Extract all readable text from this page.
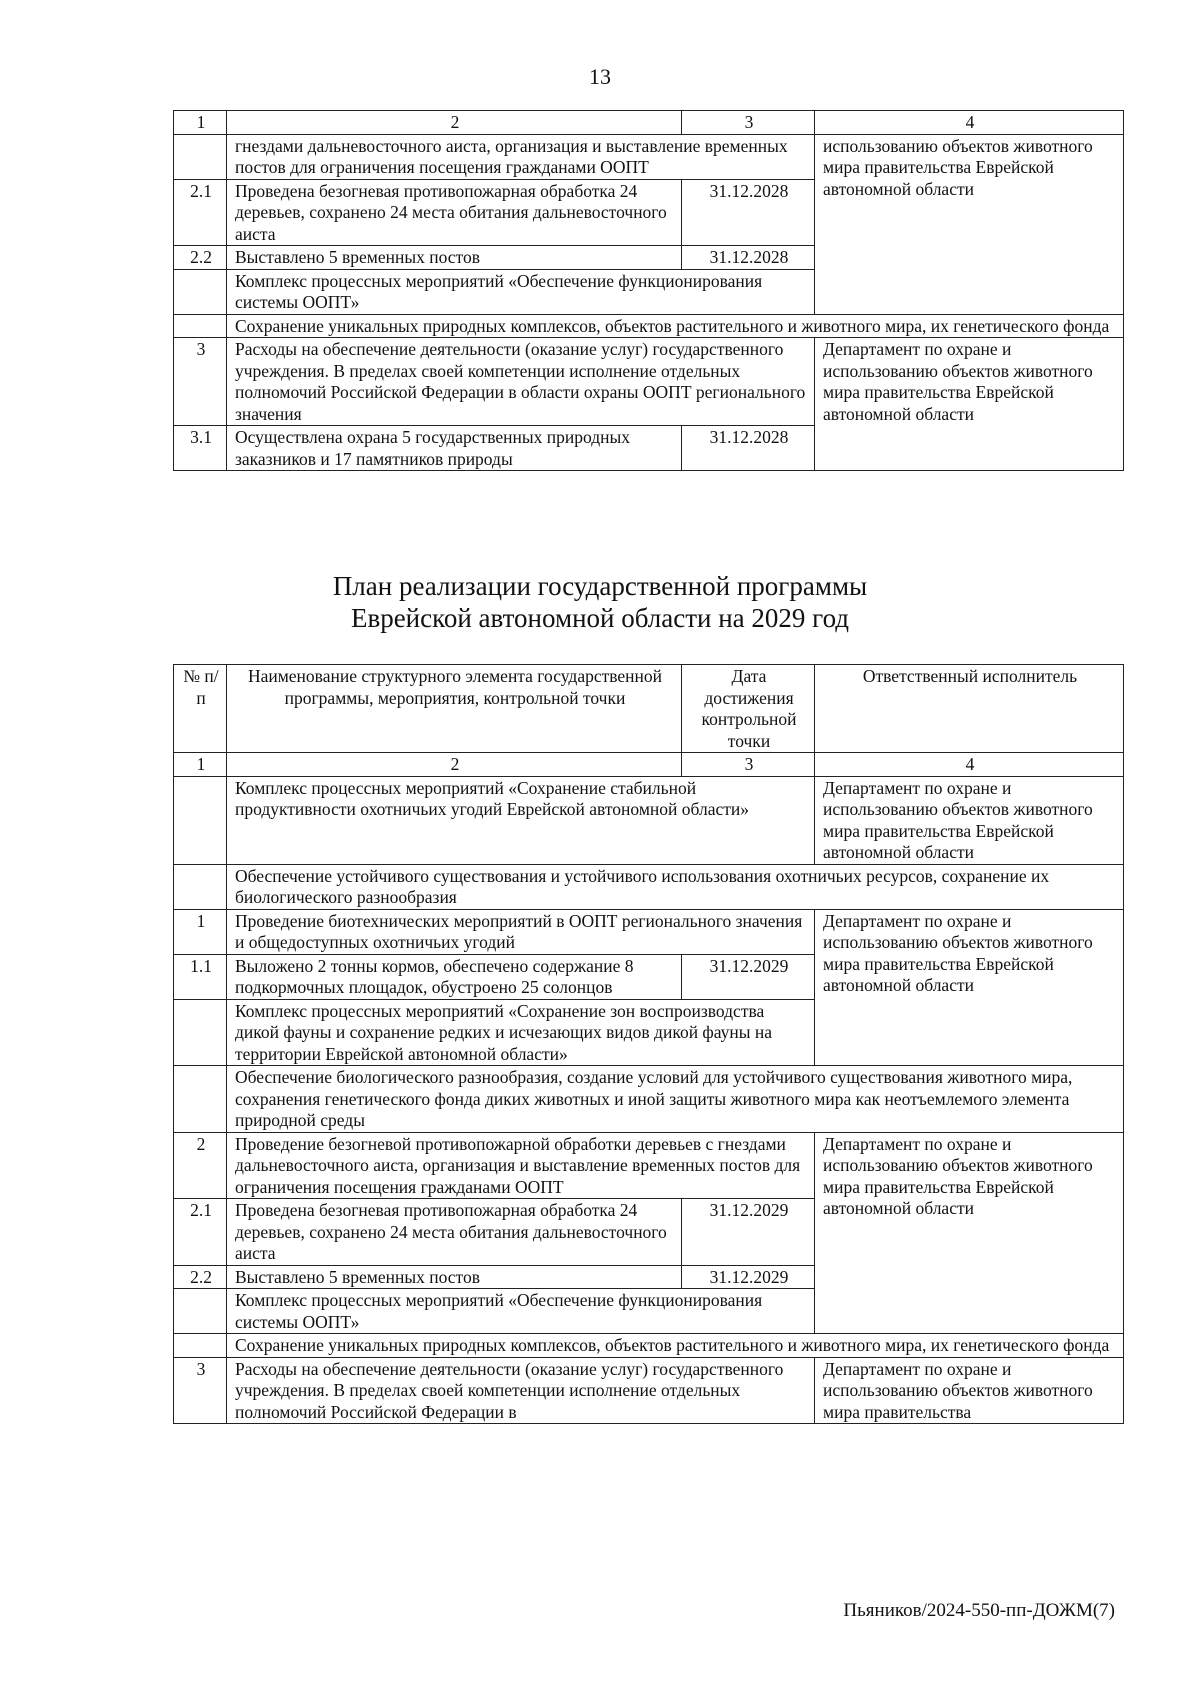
13
1	2	3	4
	гнездами дальневосточного аиста, организация и выставление временных постов для ограничения посещения гражданами ООПТ		использованию объектов животного мира правительства Еврейской автономной области
2.1	Проведена безогневая противопожарная обработка 24 деревьев, сохранено 24 места обитания дальневосточного аиста	31.12.2028	
2.2	Выставлено 5 временных постов	31.12.2028	
	Комплекс процессных мероприятий «Обеспечение функционирования системы ООПТ»		
	Сохранение уникальных природных комплексов, объектов растительного и животного мира, их генетического фонда		
3	Расходы на обеспечение деятельности (оказание услуг) государственного учреждения. В пределах своей компетенции исполнение отдельных полномочий Российской Федерации в области охраны ООПТ регионального значения		Департамент по охране и использованию объектов животного мира правительства Еврейской автономной области
3.1	Осуществлена охрана 5 государственных природных заказников и 17 памятников природы	31.12.2028	
План реализации государственной программы
Еврейской автономной области на 2029 год
№ п/п	Наименование структурного элемента государственной программы, мероприятия, контрольной точки	Дата достижения контрольной точки	Ответственный исполнитель
1	2	3	4
	Комплекс процессных мероприятий «Сохранение стабильной продуктивности охотничьих угодий Еврейской автономной области»		Департамент по охране и использованию объектов животного мира правительства Еврейской автономной области
	Обеспечение устойчивого существования и устойчивого использования охотничьих ресурсов, сохранение их биологического разнообразия		
1	Проведение биотехнических мероприятий в ООПТ регионального значения и общедоступных охотничьих угодий		Департамент по охране и использованию объектов животного мира правительства Еврейской автономной области
1.1	Выложено 2 тонны кормов, обеспечено содержание 8 подкормочных площадок, обустроено 25 солонцов	31.12.2029	
	Комплекс процессных мероприятий «Сохранение зон воспроизводства дикой фауны и сохранение редких и исчезающих видов дикой фауны на территории Еврейской автономной области»		
	Обеспечение биологического разнообразия, создание условий для устойчивого существования животного мира, сохранения генетического фонда диких животных и иной защиты животного мира как неотъемлемого элемента природной среды		
2	Проведение безогневой противопожарной обработки деревьев с гнездами дальневосточного аиста, организация и выставление временных постов для ограничения посещения гражданами ООПТ		Департамент по охране и использованию объектов животного мира правительства Еврейской автономной области
2.1	Проведена безогневая противопожарная обработка 24 деревьев, сохранено 24 места обитания дальневосточного аиста	31.12.2029	
2.2	Выставлено 5 временных постов	31.12.2029	
	Комплекс процессных мероприятий «Обеспечение функционирования системы ООПТ»		
	Сохранение уникальных природных комплексов, объектов растительного и животного мира, их генетического фонда		
3	Расходы на обеспечение деятельности (оказание услуг) государственного учреждения. В пределах своей компетенции исполнение отдельных полномочий Российской Федерации в		Департамент по охране и использованию объектов животного мира правительства
Пьяников/2024-550-пп-ДОЖМ(7)
